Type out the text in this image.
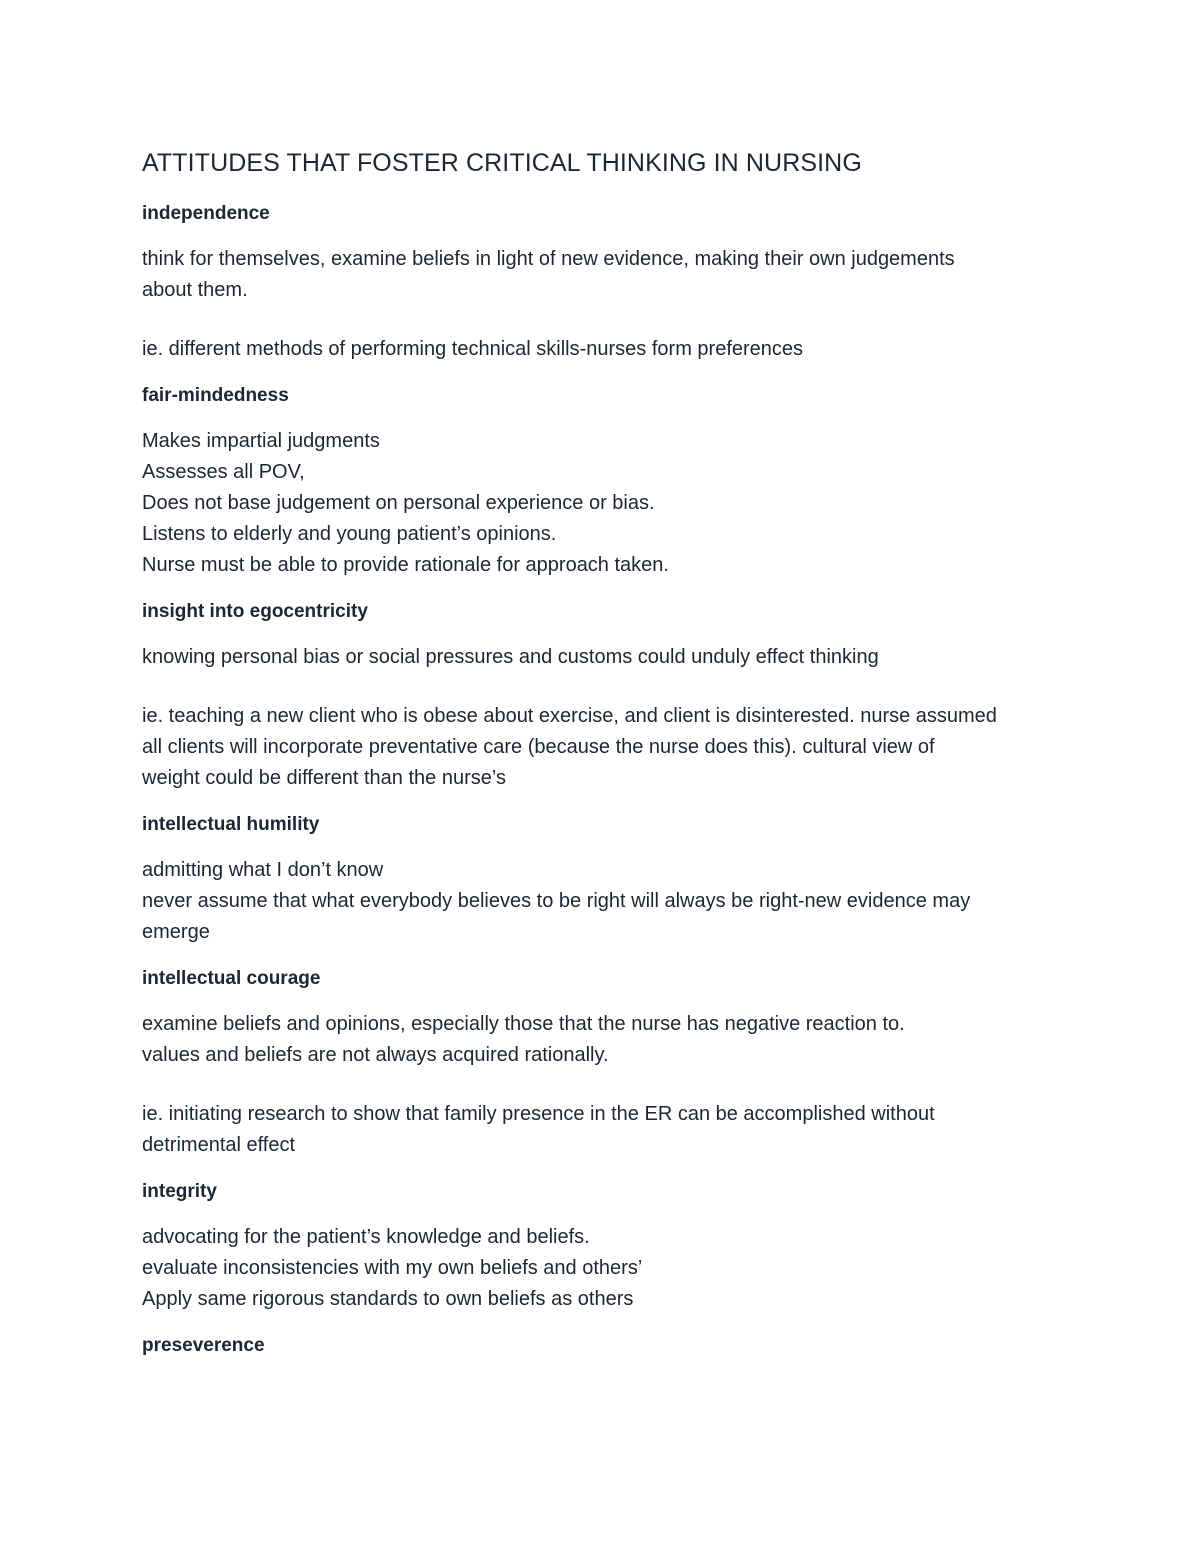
ATTITUDES THAT FOSTER CRITICAL THINKING IN NURSING
independence
think for themselves, examine beliefs in light of new evidence, making their own judgements
about them.
ie. different methods of performing technical skills-nurses form preferences
fair-mindedness
Makes impartial judgments
Assesses all POV,
Does not base judgement on personal experience or bias.
Listens to elderly and young patient’s opinions.
Nurse must be able to provide rationale for approach taken.
insight into egocentricity
knowing personal bias or social pressures and customs could unduly effect thinking
ie. teaching a new client who is obese about exercise, and client is disinterested. nurse assumed
all clients will incorporate preventative care (because the nurse does this). cultural view of
weight could be different than the nurse’s
intellectual humility
admitting what I don’t know
never assume that what everybody believes to be right will always be right-new evidence may
emerge
intellectual courage
examine beliefs and opinions, especially those that the nurse has negative reaction to.
values and beliefs are not always acquired rationally.
ie. initiating research to show that family presence in the ER can be accomplished without
detrimental effect
integrity
advocating for the patient’s knowledge and beliefs.
evaluate inconsistencies with my own beliefs and others’
Apply same rigorous standards to own beliefs as others
preseverence
